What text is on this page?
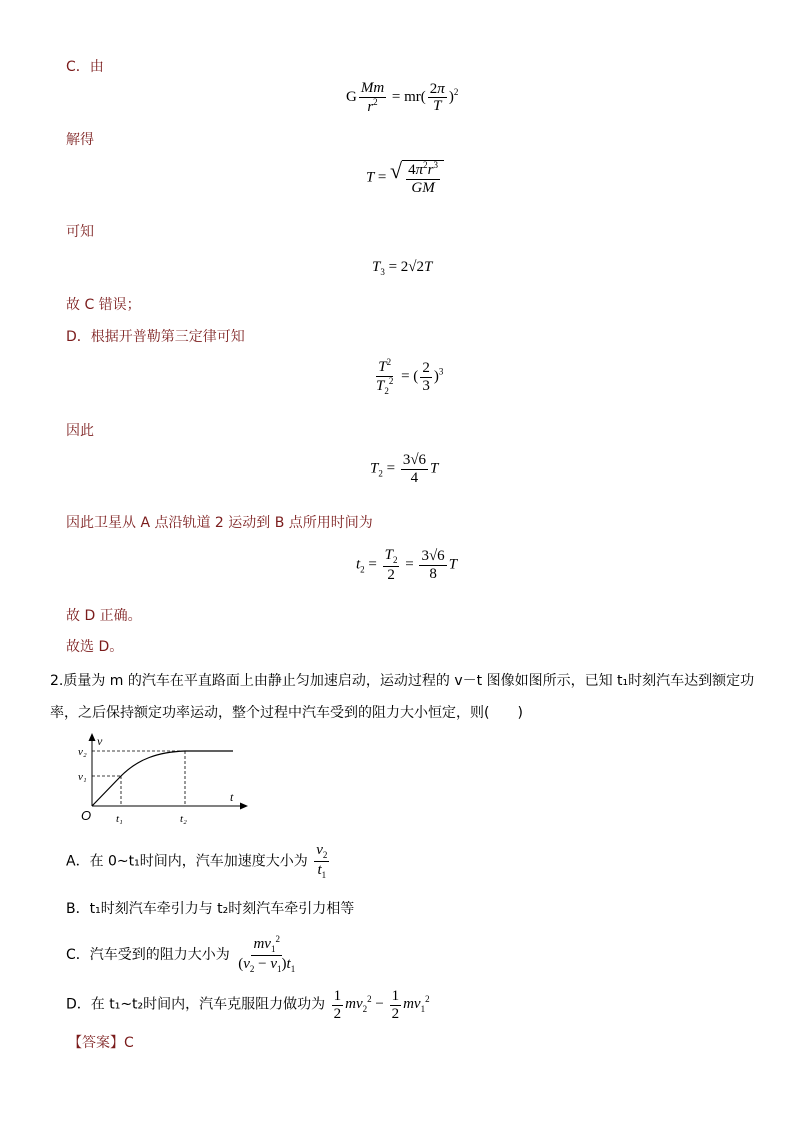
C．由
G $\frac{Mm}{r^2} = mr( \frac{2\pi}{T} )^2$
解得
T = √ $\frac{4\pi^2r^3}{GM}$
可知
$T_3 = 2√2T$
故 C 错误；
D．根据开普勒第三定律可知
$\frac{T^2}{T_2^2}$ = ( $\frac{2}{3} )^3$
因此
$T_2 = \frac{3√6}{4}$ T
因此卫星从 A 点沿轨道 2 运动到 B 点所用时间为
$t_2 = \frac{T_2}{2} = \frac{3√6}{8}$ T
故 D 正确。
故选 D。
2.质量为 m 的汽车在平直路面上由静止匀加速启动，运动过程的 v－t 图像如图所示，已知 t₁时刻汽车达到额定功
率，之后保持额定功率运动，整个过程中汽车受到的阻力大小恒定，则(　　)
v
t
O
v₂
v₁
t₁	t₂
A．在 0~t₁时间内，汽车加速度大小为 $\frac{v_2}{t_1}$
B．t₁时刻汽车牵引力与 t₂时刻汽车牵引力相等
C．汽车受到的阻力大小为 $\frac{mv_1^2}{(v_2 - v_1)t_1}$
D．在 t₁~t₂时间内，汽车克服阻力做功为 $\frac{1}{2} mv_2^2 - \frac{1}{2} mv_1^2$
【答案】C
